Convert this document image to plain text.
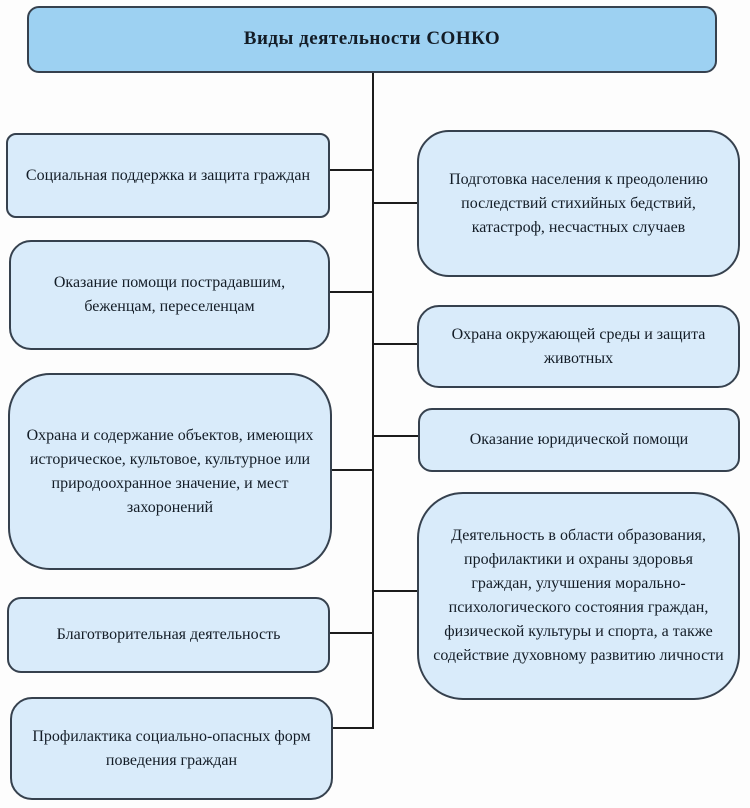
Виды деятельности СОНКО
Социальная поддержка и защита граждан
Оказание помощи пострадавшим, беженцам, переселенцам
Охрана и содержание объектов, имеющих историческое, культовое, культурное или природоохранное значение, и мест захоронений
Благотворительная деятельность
Профилактика социально-опасных форм поведения граждан
Подготовка населения к преодолению последствий стихийных бедствий, катастроф, несчастных случаев
Охрана окружающей среды и защита животных
Оказание юридической помощи
Деятельность в области образования, профилактики и охраны здоровья граждан, улучшения морально-психологического состояния граждан, физической культуры и спорта, а также содействие духовному развитию личности
